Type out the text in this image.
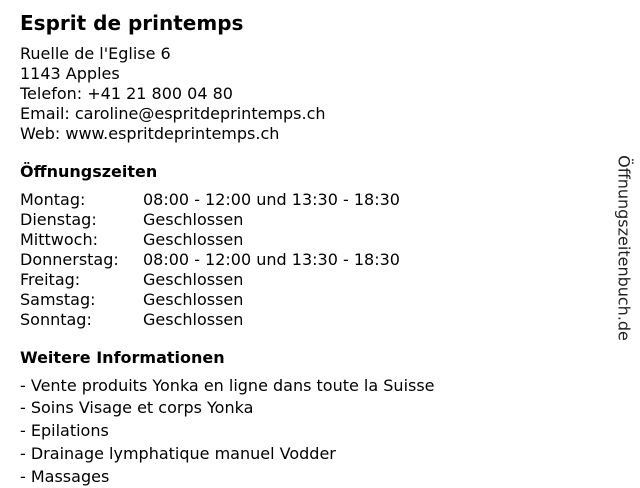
Esprit de printemps
Ruelle de l'Eglise 6
1143 Apples
Telefon: +41 21 800 04 80
Email: caroline@espritdeprintemps.ch
Web: www.espritdeprintemps.ch
Öffnungszeiten
Montag:	08:00 - 12:00 und 13:30 - 18:30
Dienstag:	Geschlossen
Mittwoch:	Geschlossen
Donnerstag:	08:00 - 12:00 und 13:30 - 18:30
Freitag:	Geschlossen
Samstag:	Geschlossen
Sonntag:	Geschlossen
Weitere Informationen
- Vente produits Yonka en ligne dans toute la Suisse
- Soins Visage et corps Yonka
- Epilations
- Drainage lymphatique manuel Vodder
- Massages
Öffnungszeitenbuch.de
